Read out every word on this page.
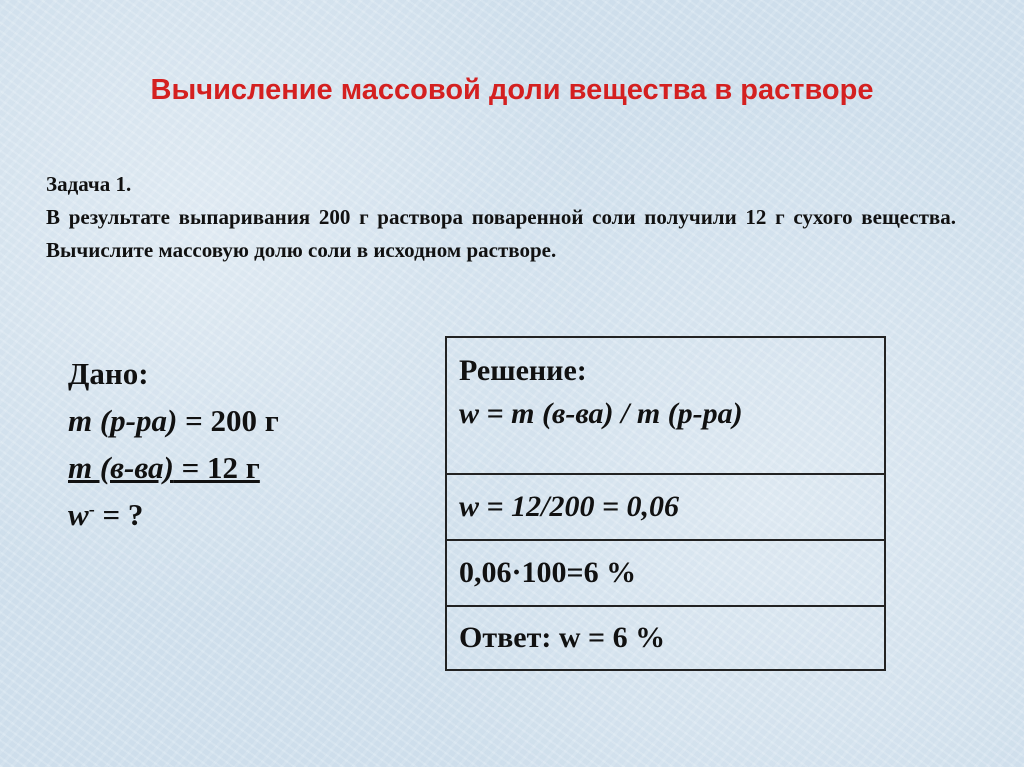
Вычисление массовой доли вещества в растворе
Задача 1.
В результате выпаривания 200 г раствора поваренной соли получили 12 г сухого вещества. Вычислите массовую долю соли в исходном растворе.
Дано:
m (р-ра) = 200 г
m (в-ва) = 12 г
w- = ?
Решение:
w = m (в-ва) / m (р-ра)

w = 12/200 = 0,06
0,06·100=6 %
Ответ: w = 6 %
